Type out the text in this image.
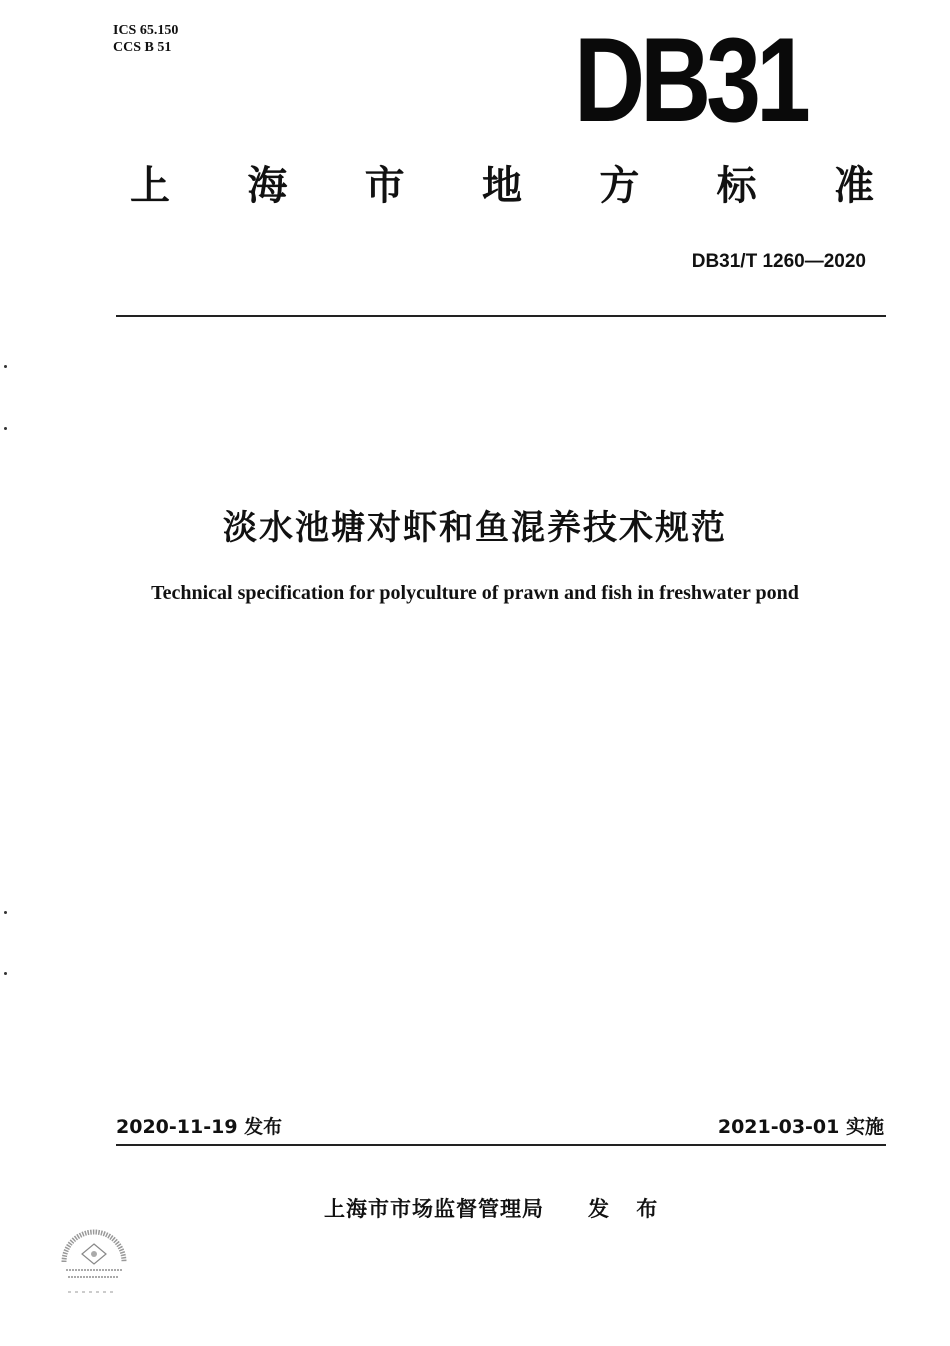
ICS 65.150
CCS B 51	DB31
上 海 市 地 方 标 准
DB31/T 1260—2020
淡水池塘对虾和鱼混养技术规范
Technical specification for polyculture of prawn and fish in freshwater pond
2020-11-19 发布	2021-03-01 实施
上海市市场监督管理局 发 布
